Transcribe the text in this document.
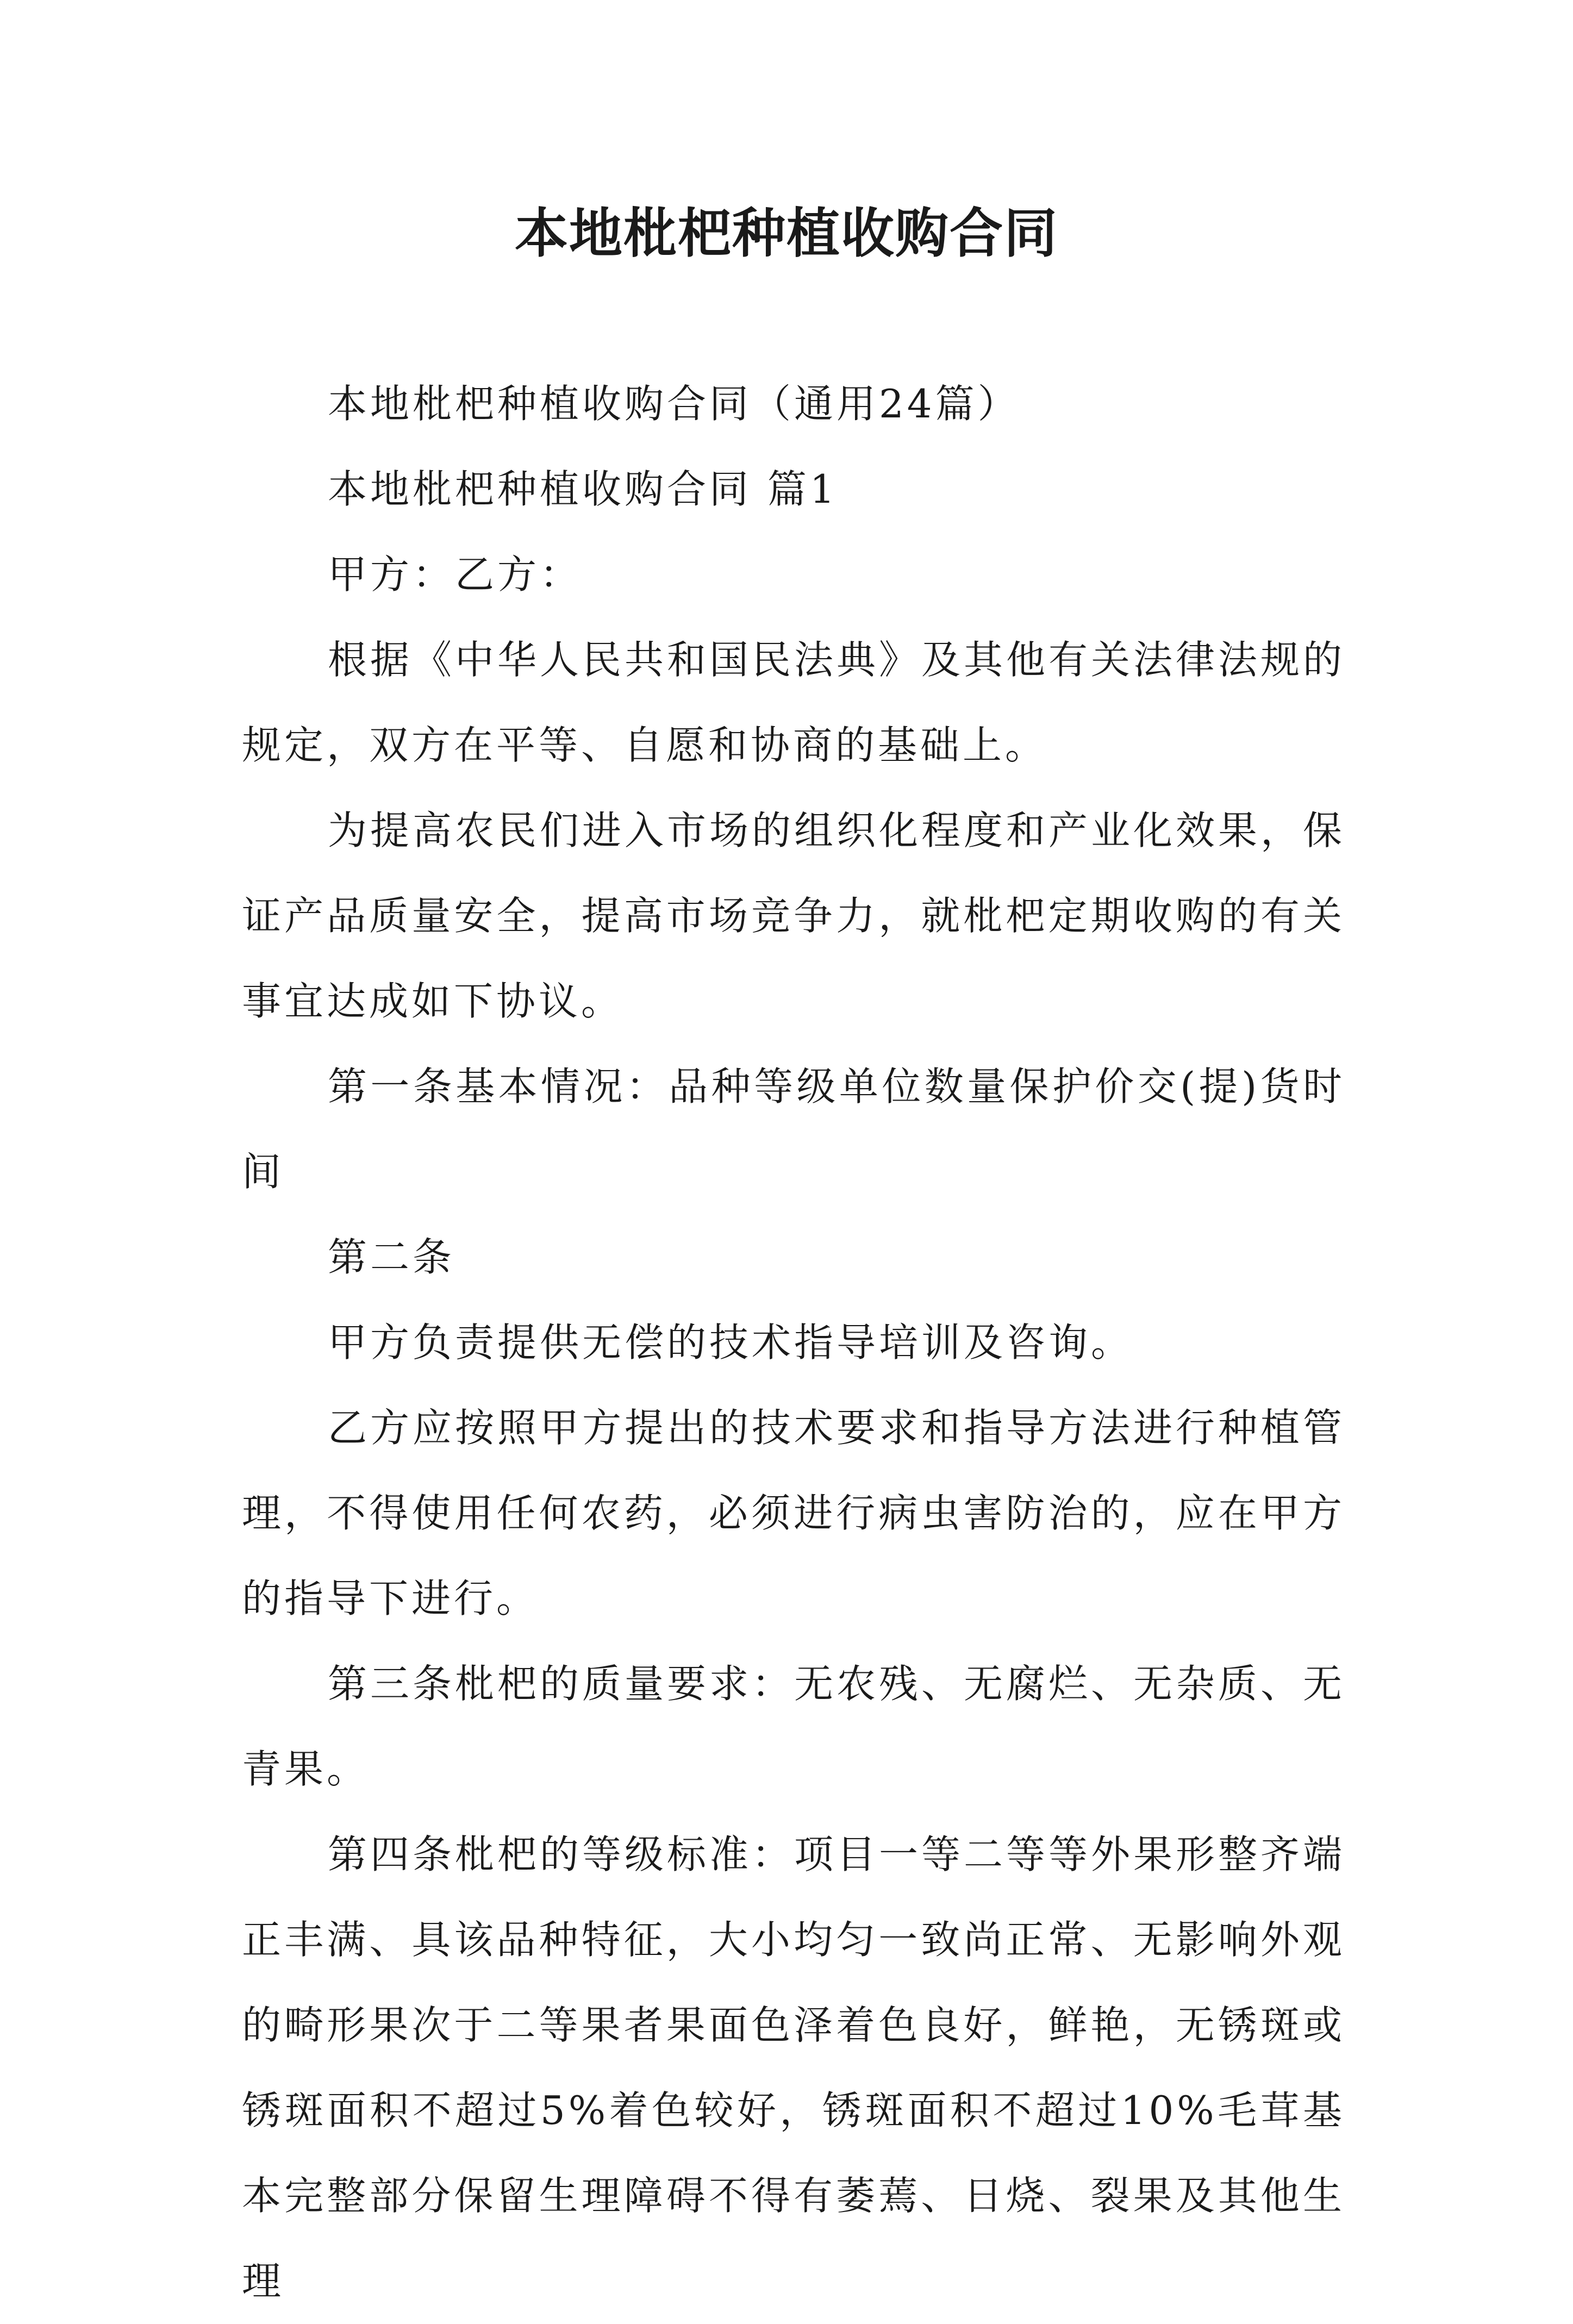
本地枇杷种植收购合同

本地枇杷种植收购合同（通用24篇）

本地枇杷种植收购合同 篇1

甲方：乙方：

根据《中华人民共和国民法典》及其他有关法律法规的规定，双方在平等、自愿和协商的基础上。

为提高农民们进入市场的组织化程度和产业化效果，保证产品质量安全，提高市场竞争力，就枇杷定期收购的有关事宜达成如下协议。

第一条基本情况：品种等级单位数量保护价交(提)货时间

第二条

甲方负责提供无偿的技术指导培训及咨询。

乙方应按照甲方提出的技术要求和指导方法进行种植管理，不得使用任何农药，必须进行病虫害防治的，应在甲方的指导下进行。

第三条枇杷的质量要求：无农残、无腐烂、无杂质、无青果。

第四条枇杷的等级标准：项目一等二等等外果形整齐端正丰满、具该品种特征，大小均匀一致尚正常、无影响外观的畸形果次于二等果者果面色泽着色良好，鲜艳，无锈斑或锈斑面积不超过5%着色较好，锈斑面积不超过10%毛茸基本完整部分保留生理障碍不得有萎蔫、日烧、裂果及其他生理
